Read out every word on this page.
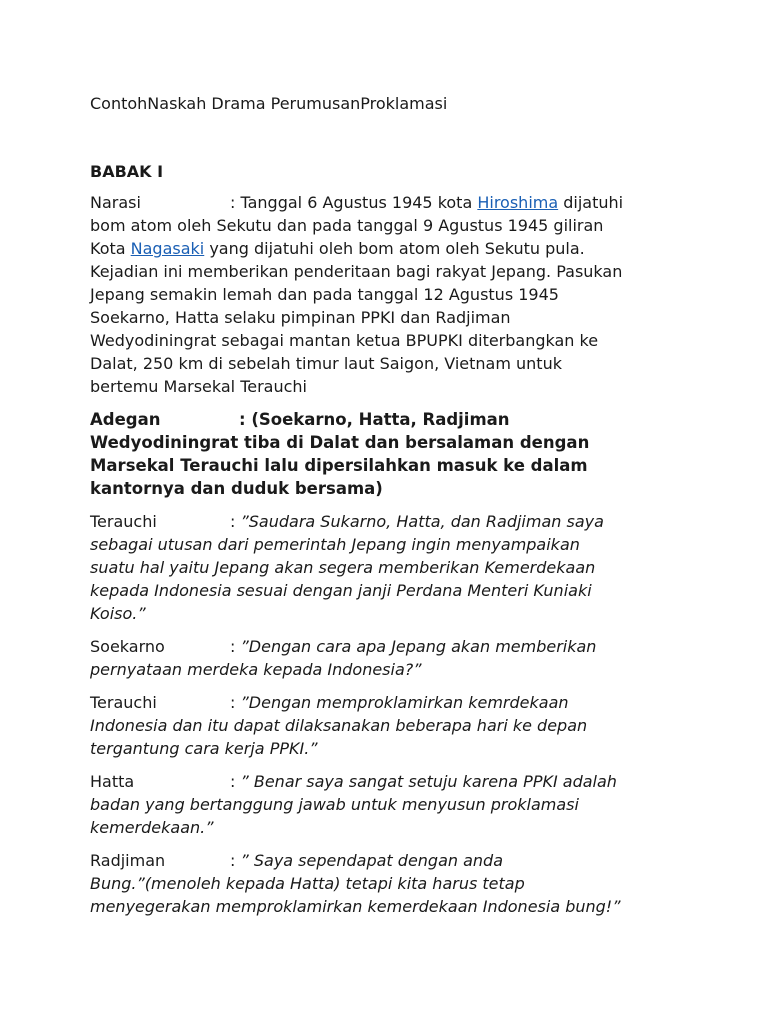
ContohNaskah Drama PerumusanProklamasi
BABAK I
Narasi	: Tanggal 6 Agustus 1945 kota Hiroshima dijatuhi
bom atom oleh Sekutu dan pada tanggal 9 Agustus 1945 giliran
Kota Nagasaki yang dijatuhi oleh bom atom oleh Sekutu pula.
Kejadian ini memberikan penderitaan bagi rakyat Jepang. Pasukan
Jepang semakin lemah dan pada tanggal 12 Agustus 1945
Soekarno, Hatta selaku pimpinan PPKI dan Radjiman
Wedyodiningrat sebagai mantan ketua BPUPKI diterbangkan ke
Dalat, 250 km di sebelah timur laut Saigon, Vietnam untuk
bertemu Marsekal Terauchi
Adegan	: (Soekarno, Hatta, Radjiman
Wedyodiningrat tiba di Dalat dan bersalaman dengan
Marsekal Terauchi lalu dipersilahkan masuk ke dalam
kantornya dan duduk bersama)
Terauchi	: ”Saudara Sukarno, Hatta, dan Radjiman saya
sebagai utusan dari pemerintah Jepang ingin menyampaikan
suatu hal yaitu Jepang akan segera memberikan Kemerdekaan
kepada Indonesia sesuai dengan janji Perdana Menteri Kuniaki
Koiso.”
Soekarno	: ”Dengan cara apa Jepang akan memberikan
pernyataan merdeka kepada Indonesia?”
Terauchi	: ”Dengan memproklamirkan kemrdekaan
Indonesia dan itu dapat dilaksanakan beberapa hari ke depan
tergantung cara kerja PPKI.”
Hatta	: ” Benar saya sangat setuju karena PPKI adalah
badan yang bertanggung jawab untuk menyusun proklamasi
kemerdekaan.”
Radjiman	: ” Saya sependapat dengan anda
Bung.”(menoleh kepada Hatta) tetapi kita harus tetap
menyegerakan memproklamirkan kemerdekaan Indonesia bung!”
